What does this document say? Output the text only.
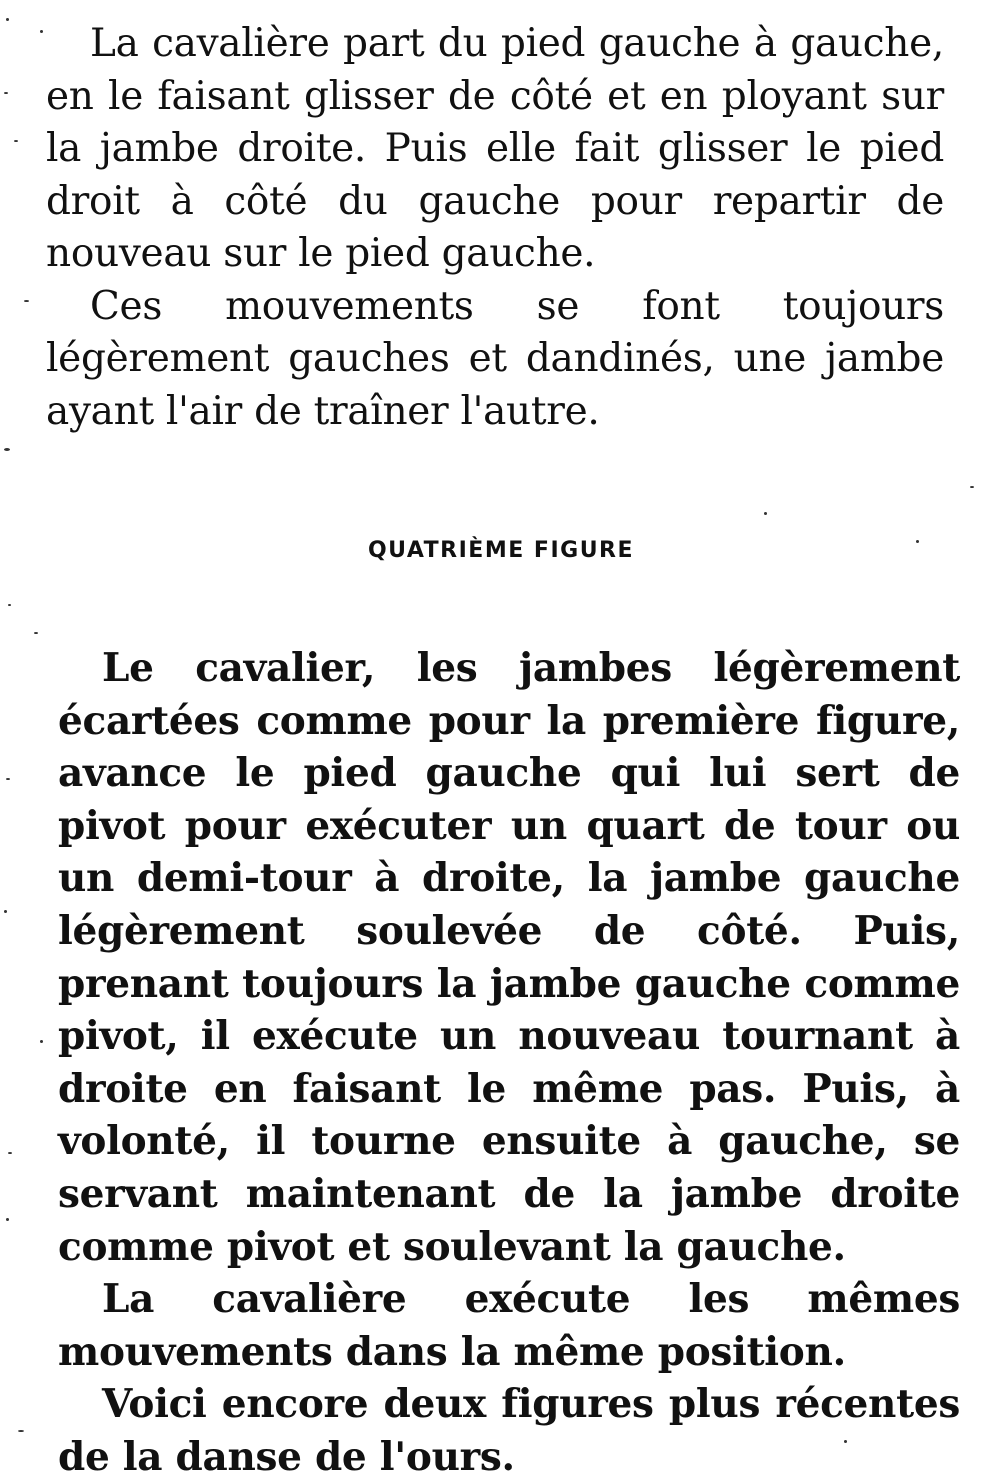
La cavalière part du pied gauche à gauche, en le faisant glisser de côté et en ployant sur la jambe droite. Puis elle fait glisser le pied droit à côté du gauche pour repartir de nouveau sur le pied gauche.

Ces mouvements se font toujours légèrement gauches et dandinés, une jambe ayant l'air de traîner l'autre.

QUATRIÈME FIGURE

Le cavalier, les jambes légèrement écartées comme pour la première figure, avance le pied gauche qui lui sert de pivot pour exécuter un quart de tour ou un demi-tour à droite, la jambe gauche légèrement soulevée de côté. Puis, prenant toujours la jambe gauche comme pivot, il exécute un nouveau tournant à droite en faisant le même pas. Puis, à volonté, il tourne ensuite à gauche, se servant maintenant de la jambe droite comme pivot et soulevant la gauche.

La cavalière exécute les mêmes mouvements dans la même position.

Voici encore deux figures plus récentes de la danse de l'ours.
